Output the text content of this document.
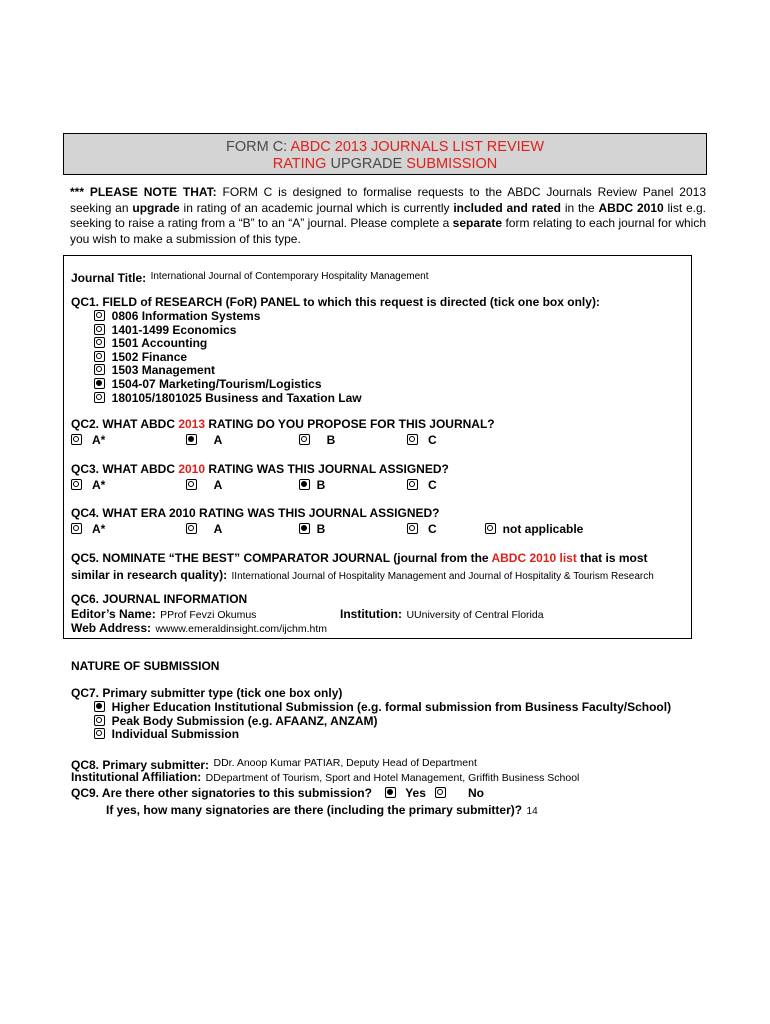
FORM C: ABDC 2013 JOURNALS LIST REVIEW
RATING UPGRADE SUBMISSION
*** PLEASE NOTE THAT: FORM C is designed to formalise requests to the ABDC Journals Review Panel 2013 seeking an upgrade in rating of an academic journal which is currently included and rated in the ABDC 2010 list e.g. seeking to raise a rating from a “B” to an “A” journal. Please complete a separate form relating to each journal for which you wish to make a submission of this type.
Journal Title: International Journal of Contemporary Hospitality Management
QC1. FIELD of RESEARCH (FoR) PANEL to which this request is directed (tick one box only):
0806 Information Systems
1401-1499 Economics
1501 Accounting
1502 Finance
1503 Management
1504-07 Marketing/Tourism/Logistics
180105/1801025 Business and Taxation Law
QC2. WHAT ABDC 2013 RATING DO YOU PROPOSE FOR THIS JOURNAL?
A*	A	B	C
QC3. WHAT ABDC 2010 RATING WAS THIS JOURNAL ASSIGNED?
A*	A	B	C
QC4. WHAT ERA 2010 RATING WAS THIS JOURNAL ASSIGNED?
A*	A	B	C	not applicable
QC5. NOMINATE “THE BEST” COMPARATOR JOURNAL (journal from the ABDC 2010 list that is most
similar in research quality): IInternational Journal of Hospitality Management and Journal of Hospitality & Tourism Research
QC6. JOURNAL INFORMATION
Editor’s Name: PProf Fevzi Okumus	Institution: UUniversity of Central Florida
Web Address: wwww.emeraldinsight.com/ijchm.htm
NATURE OF SUBMISSION
QC7. Primary submitter type (tick one box only)
Higher Education Institutional Submission (e.g. formal submission from Business Faculty/School)
Peak Body Submission (e.g. AFAANZ, ANZAM)
Individual Submission
QC8. Primary submitter: DDr. Anoop Kumar PATIAR, Deputy Head of Department
Institutional Affiliation: DDepartment of Tourism, Sport and Hotel Management, Griffith Business School
QC9. Are there other signatories to this submission?	Yes	No
If yes, how many signatories are there (including the primary submitter)? 14
